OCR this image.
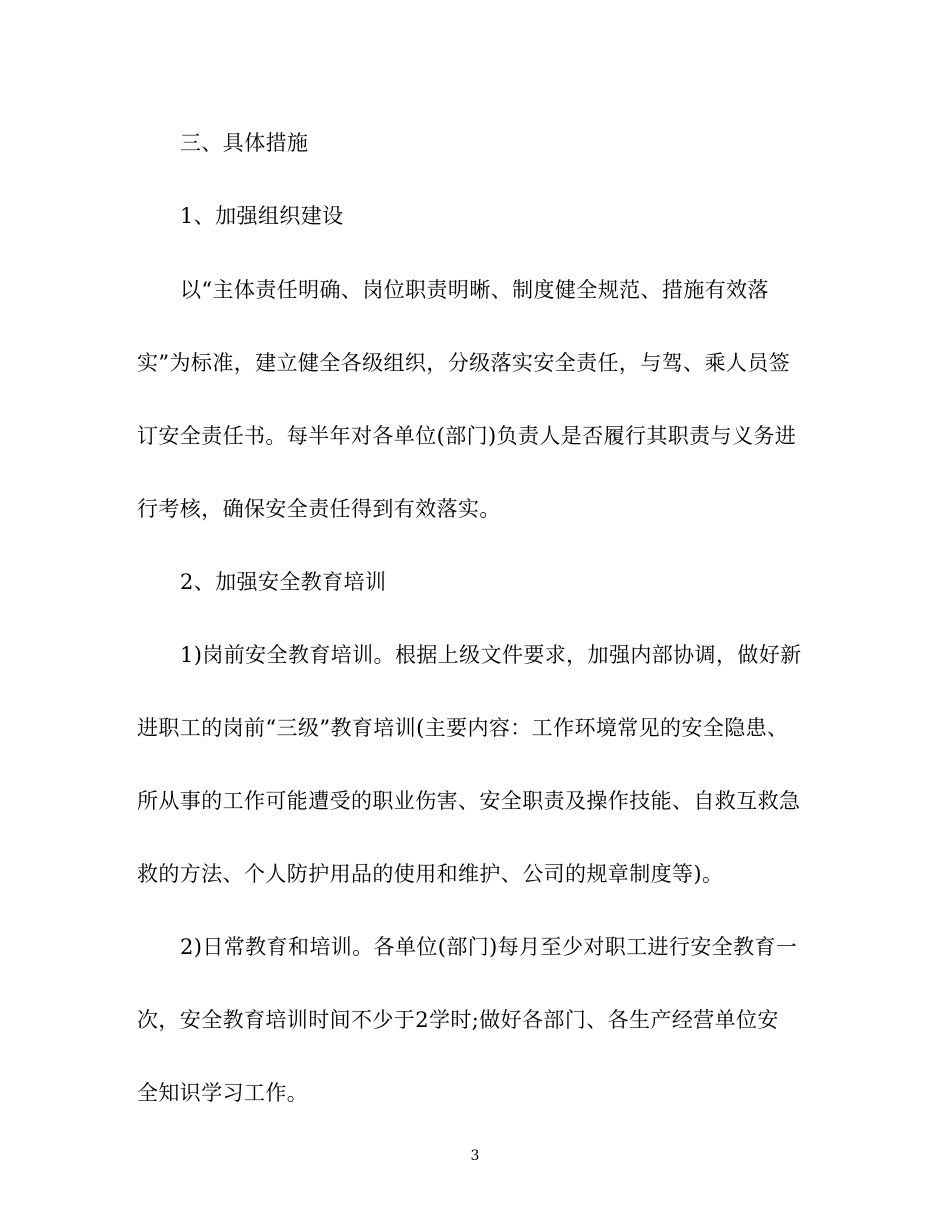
三、具体措施
1、加强组织建设
以“主体责任明确、岗位职责明晰、制度健全规范、措施有效落
实”为标准，建立健全各级组织，分级落实安全责任，与驾、乘人员签
订安全责任书。每半年对各单位(部门)负责人是否履行其职责与义务进
行考核，确保安全责任得到有效落实。
2、加强安全教育培训
1)岗前安全教育培训。根据上级文件要求，加强内部协调，做好新
进职工的岗前“三级”教育培训(主要内容：工作环境常见的安全隐患、
所从事的工作可能遭受的职业伤害、安全职责及操作技能、自救互救急
救的方法、个人防护用品的使用和维护、公司的规章制度等)。
2)日常教育和培训。各单位(部门)每月至少对职工进行安全教育一
次，安全教育培训时间不少于2学时;做好各部门、各生产经营单位安
全知识学习工作。
3
